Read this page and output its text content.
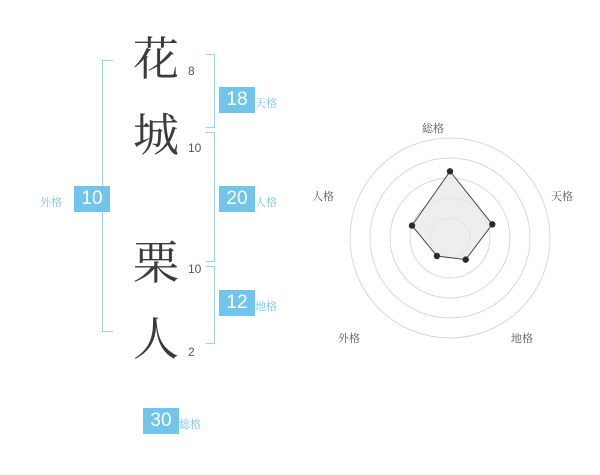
花
城
栗
人
8
10
10
2
18 天格
20 人格
12 地格
10
外格
30 総格
総格
天格
地格
外格
人格
